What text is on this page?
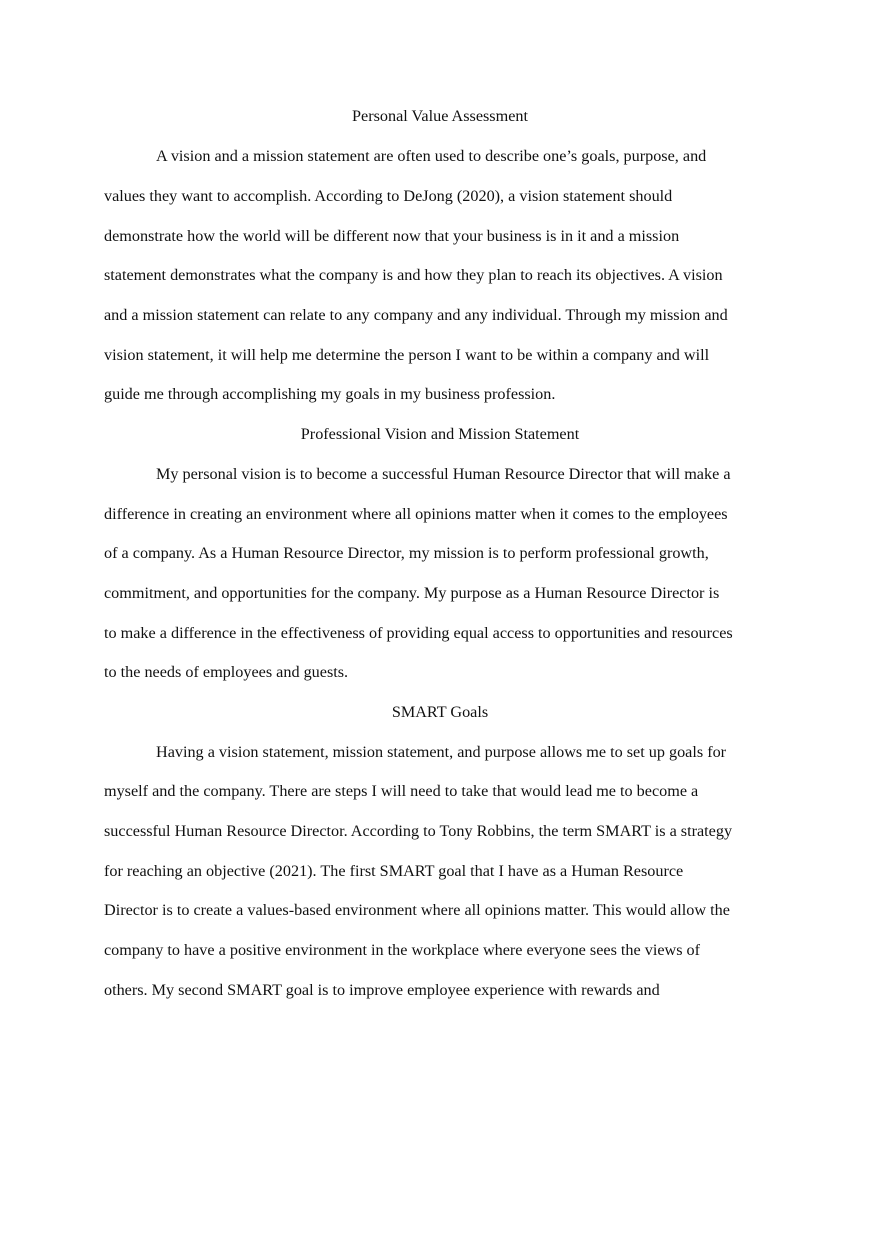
Personal Value Assessment
A vision and a mission statement are often used to describe one’s goals, purpose, and
values they want to accomplish. According to DeJong (2020), a vision statement should
demonstrate how the world will be different now that your business is in it and a mission
statement demonstrates what the company is and how they plan to reach its objectives. A vision
and a mission statement can relate to any company and any individual. Through my mission and
vision statement, it will help me determine the person I want to be within a company and will
guide me through accomplishing my goals in my business profession.
Professional Vision and Mission Statement
My personal vision is to become a successful Human Resource Director that will make a
difference in creating an environment where all opinions matter when it comes to the employees
of a company. As a Human Resource Director, my mission is to perform professional growth,
commitment, and opportunities for the company. My purpose as a Human Resource Director is
to make a difference in the effectiveness of providing equal access to opportunities and resources
to the needs of employees and guests.
SMART Goals
Having a vision statement, mission statement, and purpose allows me to set up goals for
myself and the company. There are steps I will need to take that would lead me to become a
successful Human Resource Director. According to Tony Robbins, the term SMART is a strategy
for reaching an objective (2021). The first SMART goal that I have as a Human Resource
Director is to create a values-based environment where all opinions matter. This would allow the
company to have a positive environment in the workplace where everyone sees the views of
others. My second SMART goal is to improve employee experience with rewards and
